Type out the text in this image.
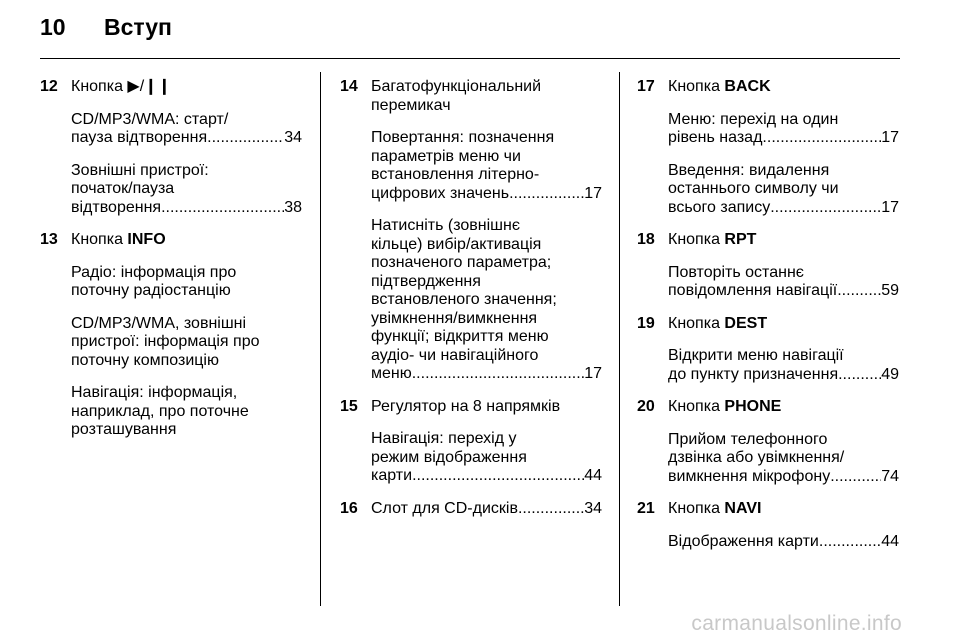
10 Вступ
12 Кнопка ▶/❙❙
CD/MP3/WMA: старт/
пауза відтворення .....	34
Зовнішні пристрої:
початок/пауза
відтворення .....	38
13 Кнопка INFO
Радіо: інформація про
поточну радіостанцію
CD/MP3/WMA, зовнішні
пристрої: інформація про
поточну композицію
Навігація: інформація,
наприклад, про поточне
розташування
14 Багатофункціональний
перемикач
Повертання: позначення
параметрів меню чи
встановлення літерно-
цифрових значень .....	17
Натисніть (зовнішнє
кільце) вибір/активація
позначеного параметра;
підтвердження
встановленого значення;
увімкнення/вимкнення
функції; відкриття меню
аудіо- чи навігаційного
меню .....	17
15 Регулятор на 8 напрямків
Навігація: перехід у
режим відображення
карти .....	44
16 Слот для CD-дисків .....	34
17 Кнопка BACK
Меню: перехід на один
рівень назад .....	17
Введення: видалення
останнього символу чи
всього запису .....	17
18 Кнопка RPT
Повторіть останнє
повідомлення навігації .....	59
19 Кнопка DEST
Відкрити меню навігації
до пункту призначення .....	49
20 Кнопка PHONE
Прийом телефонного
дзвінка або увімкнення/
вимкнення мікрофону .....	74
21 Кнопка NAVI
Відображення карти .....	44
carmanualsonline.info
